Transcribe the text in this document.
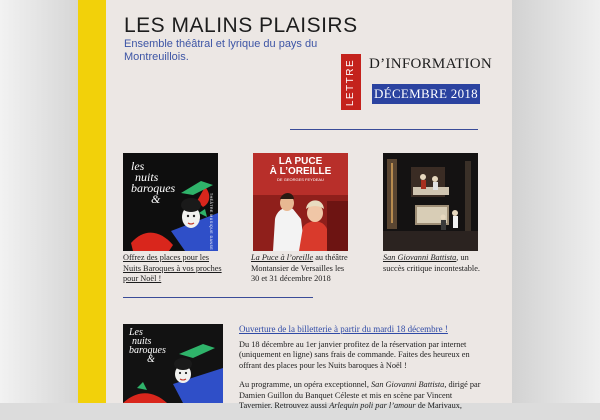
LES MALINS PLAISIRS

Ensemble théâtral et lyrique du pays du Montreuillois.

LETTRE D’INFORMATION
DÉCEMBRE 2018
les
nuits
baroques
&	THÉÂTRE MUSIQUE DANSE
Offrez des places pour les Nuits Baroques à vos proches pour Noël !
LA PUCE
À L’OREILLE
DE GEORGES FEYDEAU
La Puce à l’oreille au théâtre Montansier de Versailles les 30 et 31 décembre 2018
San Giovanni Battista, un succès critique incontestable.
Les
nuits
baroques
&
Ouverture de la billetterie à partir du mardi 18 décembre !

Du 18 décembre au 1er janvier profitez de la réservation par internet (uniquement en ligne) sans frais de commande. Faites des heureux en offrant des places pour les Nuits baroques à Noël !

Au programme, un opéra exceptionnel, San Giovanni Battista, dirigé par Damien Guillon du Banquet Céleste et mis en scène par Vincent Tavernier. Retrouvez aussi Arlequin poli par l’amour de Marivaux,
